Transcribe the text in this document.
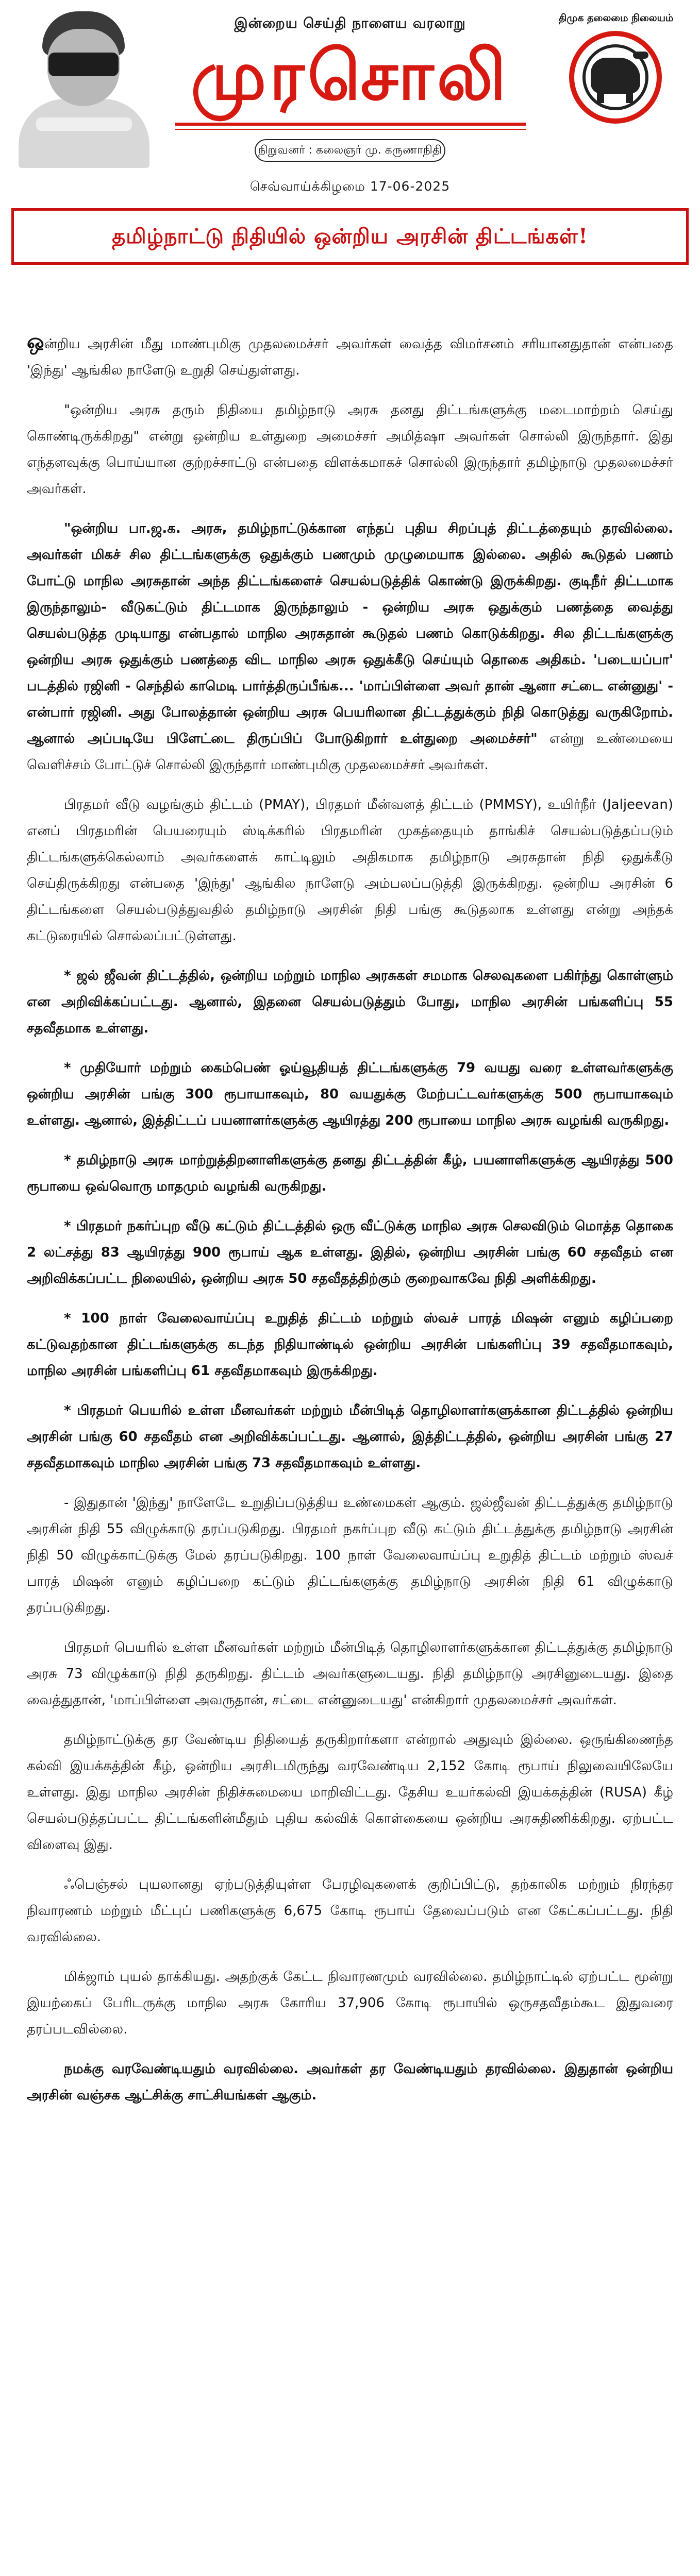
இன்றைய செய்தி நாளைய வரலாறு
முரசொலி
நிறுவனர் : கலைஞர் மு. கருணாநிதி
திமுக தலைமை நிலையம்
செவ்வாய்க்கிழமை 17-06-2025
தமிழ்நாட்டு நிதியில் ஒன்றிய அரசின் திட்டங்கள்!

ஒன்றிய அரசின் மீது மாண்புமிகு முதலமைச்சர் அவர்கள் வைத்த விமர்சனம் சரியானதுதான் என்பதை 'இந்து' ஆங்கில நாளேடு உறுதி செய்துள்ளது.

"ஒன்றிய அரசு தரும் நிதியை தமிழ்நாடு அரசு தனது திட்டங்களுக்கு மடைமாற்றம் செய்து கொண்டிருக்கிறது" என்று ஒன்றிய உள்துறை அமைச்சர் அமித்ஷா அவர்கள் சொல்லி இருந்தார். இது எந்தளவுக்கு பொய்யான குற்றச்சாட்டு என்பதை விளக்கமாகச் சொல்லி இருந்தார் தமிழ்நாடு முதலமைச்சர் அவர்கள்.

"ஒன்றிய பா.ஜ.க. அரசு, தமிழ்நாட்டுக்கான எந்தப் புதிய சிறப்புத் திட்டத்தையும் தரவில்லை. அவர்கள் மிகச் சில திட்டங்களுக்கு ஒதுக்கும் பணமும் முழுமையாக இல்லை. அதில் கூடுதல் பணம் போட்டு மாநில அரசுதான் அந்த திட்டங்களைச் செயல்படுத்திக் கொண்டு இருக்கிறது. குடிநீர் திட்டமாக இருந்தாலும்- வீடுகட்டும் திட்டமாக இருந்தாலும் - ஒன்றிய அரசு ஒதுக்கும் பணத்தை வைத்து செயல்படுத்த முடியாது என்பதால் மாநில அரசுதான் கூடுதல் பணம் கொடுக்கிறது. சில திட்டங்களுக்கு ஒன்றிய அரசு ஒதுக்கும் பணத்தை விட மாநில அரசு ஒதுக்கீடு செய்யும் தொகை அதிகம். 'படையப்பா' படத்தில் ரஜினி - செந்தில் காமெடி பார்த்திருப்பீங்க... 'மாப்பிள்ளை அவர் தான் ஆனா சட்டை என்னுது' - என்பார் ரஜினி. அது போலத்தான் ஒன்றிய அரசு பெயரிலான திட்டத்துக்கும் நிதி கொடுத்து வருகிறோம். ஆனால் அப்படியே பிளேட்டை திருப்பிப் போடுகிறார் உள்துறை அமைச்சர்" என்று உண்மையை வெளிச்சம் போட்டுச் சொல்லி இருந்தார் மாண்புமிகு முதலமைச்சர் அவர்கள்.

பிரதமர் வீடு வழங்கும் திட்டம் (PMAY), பிரதமர் மீன்வளத் திட்டம் (PMMSY), உயிர்நீர் (Jaljeevan) எனப் பிரதமரின் பெயரையும் ஸ்டிக்கரில் பிரதமரின் முகத்தையும் தாங்கிச் செயல்படுத்தப்படும் திட்டங்களுக்கெல்லாம் அவர்களைக் காட்டிலும் அதிகமாக தமிழ்நாடு அரசுதான் நிதி ஒதுக்கீடு செய்திருக்கிறது என்பதை 'இந்து' ஆங்கில நாளேடு அம்பலப்படுத்தி இருக்கிறது. ஒன்றிய அரசின் 6 திட்டங்களை செயல்படுத்துவதில் தமிழ்நாடு அரசின் நிதி பங்கு கூடுதலாக உள்ளது என்று அந்தக் கட்டுரையில் சொல்லப்பட்டுள்ளது.

* ஜல் ஜீவன் திட்டத்தில், ஒன்றிய மற்றும் மாநில அரசுகள் சமமாக செலவுகளை பகிர்ந்து கொள்ளும் என அறிவிக்கப்பட்டது. ஆனால், இதனை செயல்படுத்தும் போது, மாநில அரசின் பங்களிப்பு 55 சதவீதமாக உள்ளது.

* முதியோர் மற்றும் கைம்பெண் ஓய்வூதியத் திட்டங்களுக்கு 79 வயது வரை உள்ளவர்களுக்கு ஒன்றிய அரசின் பங்கு 300 ரூபாயாகவும், 80 வயதுக்கு மேற்பட்டவர்களுக்கு 500 ரூபாயாகவும் உள்ளது. ஆனால், இத்திட்டப் பயனாளர்களுக்கு ஆயிரத்து 200 ரூபாயை மாநில அரசு வழங்கி வருகிறது.

* தமிழ்நாடு அரசு மாற்றுத்திறனாளிகளுக்கு தனது திட்டத்தின் கீழ், பயனாளிகளுக்கு ஆயிரத்து 500 ரூபாயை ஒவ்வொரு மாதமும் வழங்கி வருகிறது.

* பிரதமர் நகர்ப்புற வீடு கட்டும் திட்டத்தில் ஒரு வீட்டுக்கு மாநில அரசு செலவிடும் மொத்த தொகை 2 லட்சத்து 83 ஆயிரத்து 900 ரூபாய் ஆக உள்ளது. இதில், ஒன்றிய அரசின் பங்கு 60 சதவீதம் என அறிவிக்கப்பட்ட நிலையில், ஒன்றிய அரசு 50 சதவீதத்திற்கும் குறைவாகவே நிதி அளிக்கிறது.

* 100 நாள் வேலைவாய்ப்பு உறுதித் திட்டம் மற்றும் ஸ்வச் பாரத் மிஷன் எனும் கழிப்பறை கட்டுவதற்கான திட்டங்களுக்கு கடந்த நிதியாண்டில் ஒன்றிய அரசின் பங்களிப்பு 39 சதவீதமாகவும், மாநில அரசின் பங்களிப்பு 61 சதவீதமாகவும் இருக்கிறது.

* பிரதமர் பெயரில் உள்ள மீனவர்கள் மற்றும் மீன்பிடித் தொழிலாளர்களுக்கான திட்டத்தில் ஒன்றிய அரசின் பங்கு 60 சதவீதம் என அறிவிக்கப்பட்டது. ஆனால், இத்திட்டத்தில், ஒன்றிய அரசின் பங்கு 27 சதவீதமாகவும் மாநில அரசின் பங்கு 73 சதவீதமாகவும் உள்ளது.

- இதுதான் 'இந்து' நாளேடே உறுதிப்படுத்திய உண்மைகள் ஆகும். ஜல்ஜீவன் திட்டத்துக்கு தமிழ்நாடு அரசின் நிதி 55 விழுக்காடு தரப்படுகிறது. பிரதமர் நகர்ப்புற வீடு கட்டும் திட்டத்துக்கு தமிழ்நாடு அரசின் நிதி 50 விழுக்காட்டுக்கு மேல் தரப்படுகிறது. 100 நாள் வேலைவாய்ப்பு உறுதித் திட்டம் மற்றும் ஸ்வச் பாரத் மிஷன் எனும் கழிப்பறை கட்டும் திட்டங்களுக்கு தமிழ்நாடு அரசின் நிதி 61 விழுக்காடு தரப்படுகிறது.

பிரதமர் பெயரில் உள்ள மீனவர்கள் மற்றும் மீன்பிடித் தொழிலாளர்களுக்கான திட்டத்துக்கு தமிழ்நாடு அரசு 73 விழுக்காடு நிதி தருகிறது. திட்டம் அவர்களுடையது. நிதி தமிழ்நாடு அரசினுடையது. இதை வைத்துதான், 'மாப்பிள்ளை அவருதான், சட்டை என்னுடையது' என்கிறார் முதலமைச்சர் அவர்கள்.

தமிழ்நாட்டுக்கு தர வேண்டிய நிதியைத் தருகிறார்களா என்றால் அதுவும் இல்லை. ஒருங்கிணைந்த கல்வி இயக்கத்தின் கீழ், ஒன்றிய அரசிடமிருந்து வரவேண்டிய 2,152 கோடி ரூபாய் நிலுவையிலேயே உள்ளது. இது மாநில அரசின் நிதிச்சுமையை மாறிவிட்டது. தேசிய உயர்கல்வி இயக்கத்தின் (RUSA) கீழ் செயல்படுத்தப்பட்ட திட்டங்களின்மீதும் புதிய கல்விக் கொள்கையை ஒன்றிய அரசுதிணிக்கிறது. ஏற்பட்ட விளைவு இது.

ஃபெஞ்சல் புயலானது ஏற்படுத்தியுள்ள பேரழிவுகளைக் குறிப்பிட்டு, தற்காலிக மற்றும் நிரந்தர நிவாரணம் மற்றும் மீட்புப் பணிகளுக்கு 6,675 கோடி ரூபாய் தேவைப்படும் என கேட்கப்பட்டது. நிதி வரவில்லை.

மிக்ஜாம் புயல் தாக்கியது. அதற்குக் கேட்ட நிவாரணமும் வரவில்லை. தமிழ்நாட்டில் ஏற்பட்ட மூன்று இயற்கைப் பேரிடருக்கு மாநில அரசு கோரிய 37,906 கோடி ரூபாயில் ஒருசதவீதம்கூட இதுவரை தரப்படவில்லை.

நமக்கு வரவேண்டியதும் வரவில்லை. அவர்கள் தர வேண்டியதும் தரவில்லை. இதுதான் ஒன்றிய அரசின் வஞ்சக ஆட்சிக்கு சாட்சியங்கள் ஆகும்.
